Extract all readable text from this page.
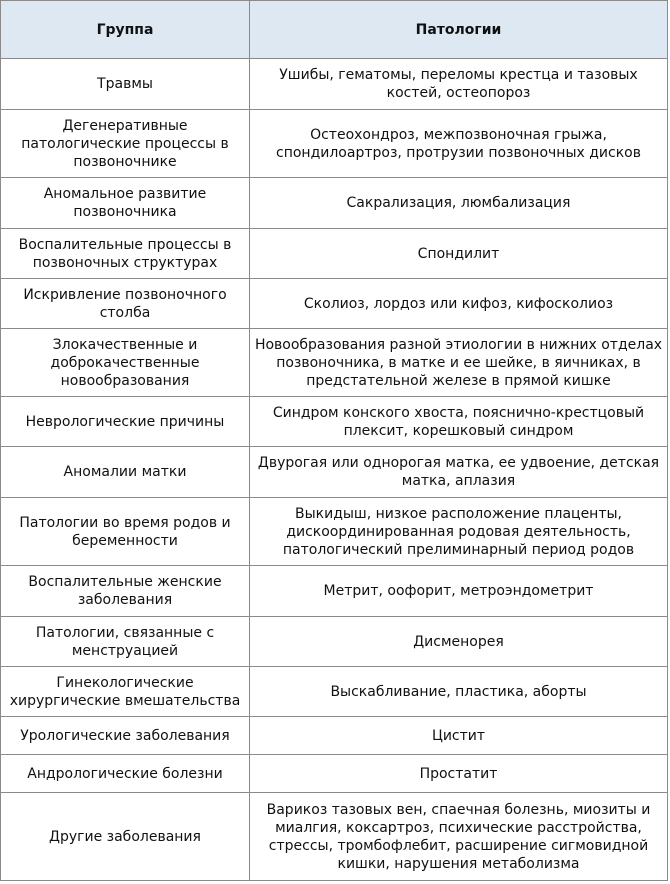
Группа	Патологии
Травмы	Ушибы, гематомы, переломы крестца и тазовых костей, остеопороз
Дегенеративные патологические процессы в позвоночнике	Остеохондроз, межпозвоночная грыжа, спондилоартроз, протрузии позвоночных дисков
Аномальное развитие позвоночника	Сакрализация, люмбализация
Воспалительные процессы в позвоночных структурах	Спондилит
Искривление позвоночного столба	Сколиоз, лордоз или кифоз, кифосколиоз
Злокачественные и доброкачественные новообразования	Новообразования разной этиологии в нижних отделах позвоночника, в матке и ее шейке, в яичниках, в предстательной железе в прямой кишке
Неврологические причины	Синдром конского хвоста, пояснично-крестцовый плексит, корешковый синдром
Аномалии матки	Двурогая или однорогая матка, ее удвоение, детская матка, аплазия
Патологии во время родов и беременности	Выкидыш, низкое расположение плаценты, дискоординированная родовая деятельность, патологический прелиминарный период родов
Воспалительные женские заболевания	Метрит, оофорит, метроэндометрит
Патологии, связанные с менструацией	Дисменорея
Гинекологические хирургические вмешательства	Выскабливание, пластика, аборты
Урологические заболевания	Цистит
Андрологические болезни	Простатит
Другие заболевания	Варикоз тазовых вен, спаечная болезнь, миозиты и миалгия, коксартроз, психические расстройства, стрессы, тромбофлебит, расширение сигмовидной кишки, нарушения метаболизма
